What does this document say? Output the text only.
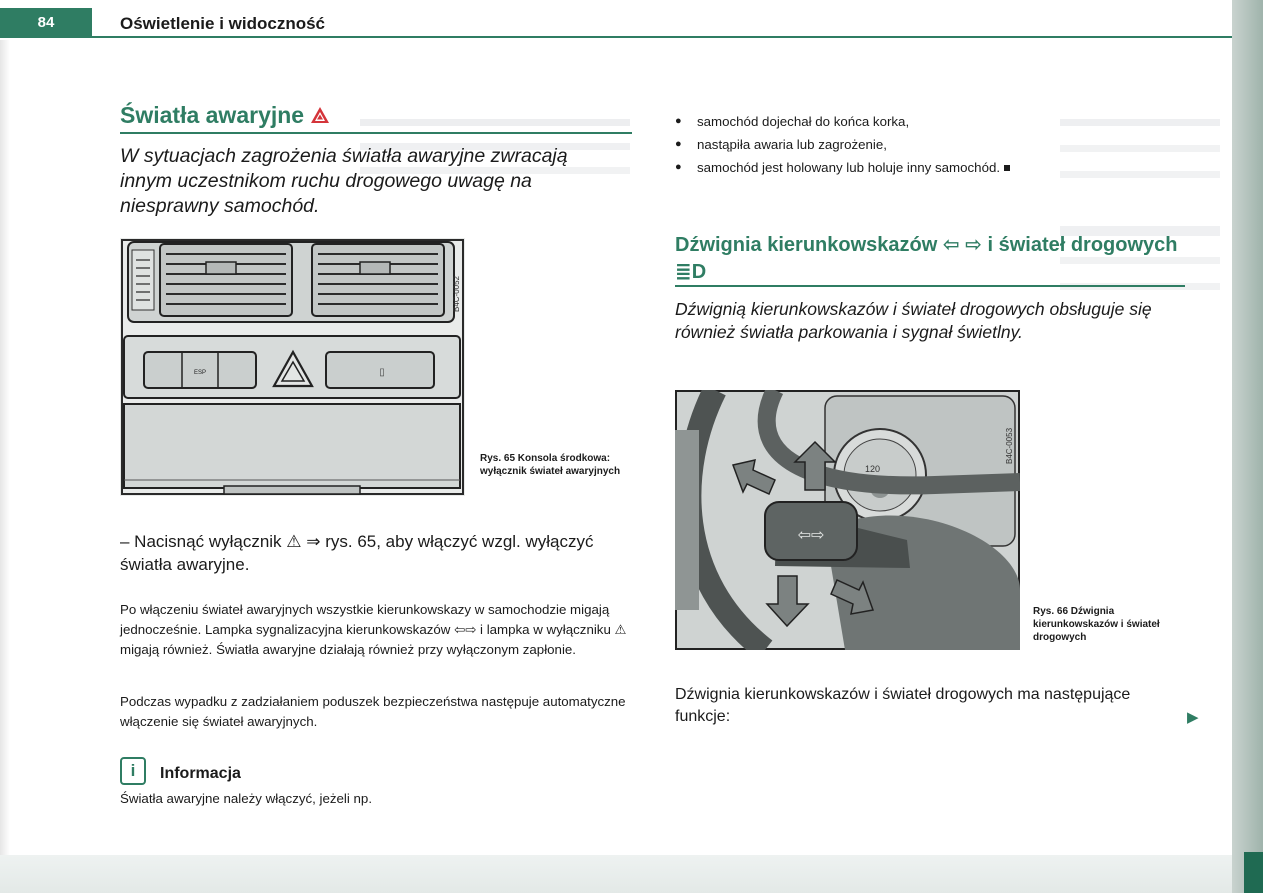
84	Oświetlenie i widoczność
Światła awaryjne
W sytuacjach zagrożenia światła awaryjne zwracają innym uczestnikom ruchu drogowego uwagę na niesprawny samochód.
ESP	▯
B4C-0052
Rys. 65 Konsola środkowa: wyłącznik świateł awaryjnych
– Nacisnąć wyłącznik ⚠ ⇒ rys. 65, aby włączyć wzgl. wyłączyć światła awaryjne.
Po włączeniu świateł awaryjnych wszystkie kierunkowskazy w samochodzie migają jednocześnie. Lampka sygnalizacyjna kierunkowskazów ⇦⇨ i lampka w wyłączniku ⚠ migają również. Światła awaryjne działają również przy wyłączonym zapłonie.
Podczas wypadku z zadziałaniem poduszek bezpieczeństwa następuje automatyczne włączenie się świateł awaryjnych.
i	Informacja
Światła awaryjne należy włączyć, jeżeli np.
● samochód dojechał do końca korka,
● nastąpiła awaria lub zagrożenie,
● samochód jest holowany lub holuje inny samochód.
Dźwignia kierunkowskazów ⇦ ⇨ i świateł drogowych ≣D
Dźwignią kierunkowskazów i świateł drogowych obsługuje się również światła parkowania i sygnał świetlny.
120
60	180
⇦⇨
B4C-0053
Rys. 66 Dźwignia kierunkowskazów i świateł drogowych
Dźwignia kierunkowskazów i świateł drogowych ma następujące funkcje:	▶
